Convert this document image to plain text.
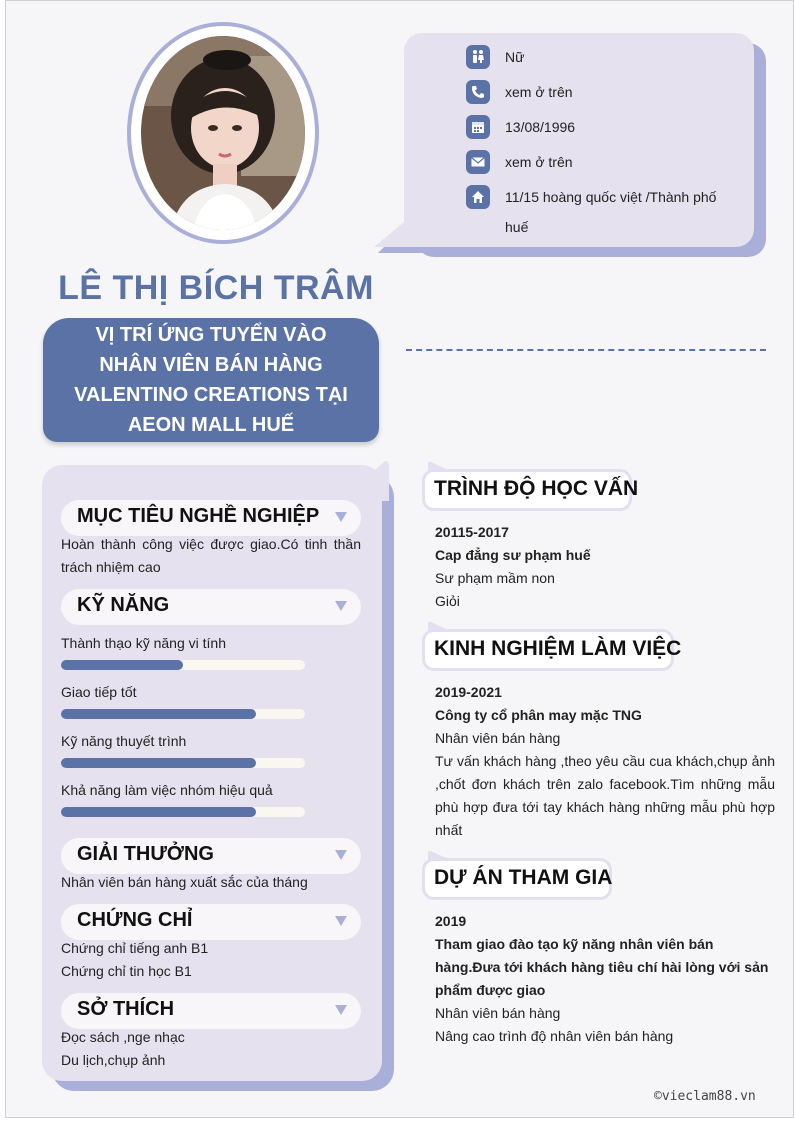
Nữ
xem ở trên
13/08/1996
xem ở trên
11/15 hoàng quốc việt /Thành phố huế
LÊ THỊ BÍCH TRÂM
VỊ TRÍ ỨNG TUYỂN VÀO
NHÂN VIÊN BÁN HÀNG
VALENTINO CREATIONS TẠI
AEON MALL HUẾ
MỤC TIÊU NGHỀ NGHIỆP
Hoàn thành công việc được giao.Có tinh thần trách nhiệm cao
KỸ NĂNG
Thành thạo kỹ năng vi tính
Giao tiếp tốt
Kỹ năng thuyết trình
Khả năng làm việc nhóm hiệu quả
GIẢI THƯỞNG
Nhân viên bán hàng xuất sắc của tháng
CHỨNG CHỈ
Chứng chỉ tiếng anh B1
Chứng chỉ tin học B1
SỞ THÍCH
Đọc sách ,nge nhạc
Du lịch,chụp ảnh
TRÌNH ĐỘ HỌC VẤN
20115-2017
Cap đẳng sư phạm huế
Sư phạm mầm non
Giỏi
KINH NGHIỆM LÀM VIỆC
2019-2021
Công ty cổ phân may mặc TNG
Nhân viên bán hàng
Tư vấn khách hàng ,theo yêu cầu cua khách,chụp ảnh ,chốt đơn khách trên zalo facebook.Tìm những mẫu phù hợp đưa tới tay khách hàng những mẫu phù hợp nhất
DỰ ÁN THAM GIA
2019
Tham giao đào tạo kỹ năng nhân viên bán hàng.Đưa tới khách hàng tiêu chí hài lòng với sản phẩm được giao
Nhân viên bán hàng
Nâng cao trình độ nhân viên bán hàng
©vieclam88.vn
